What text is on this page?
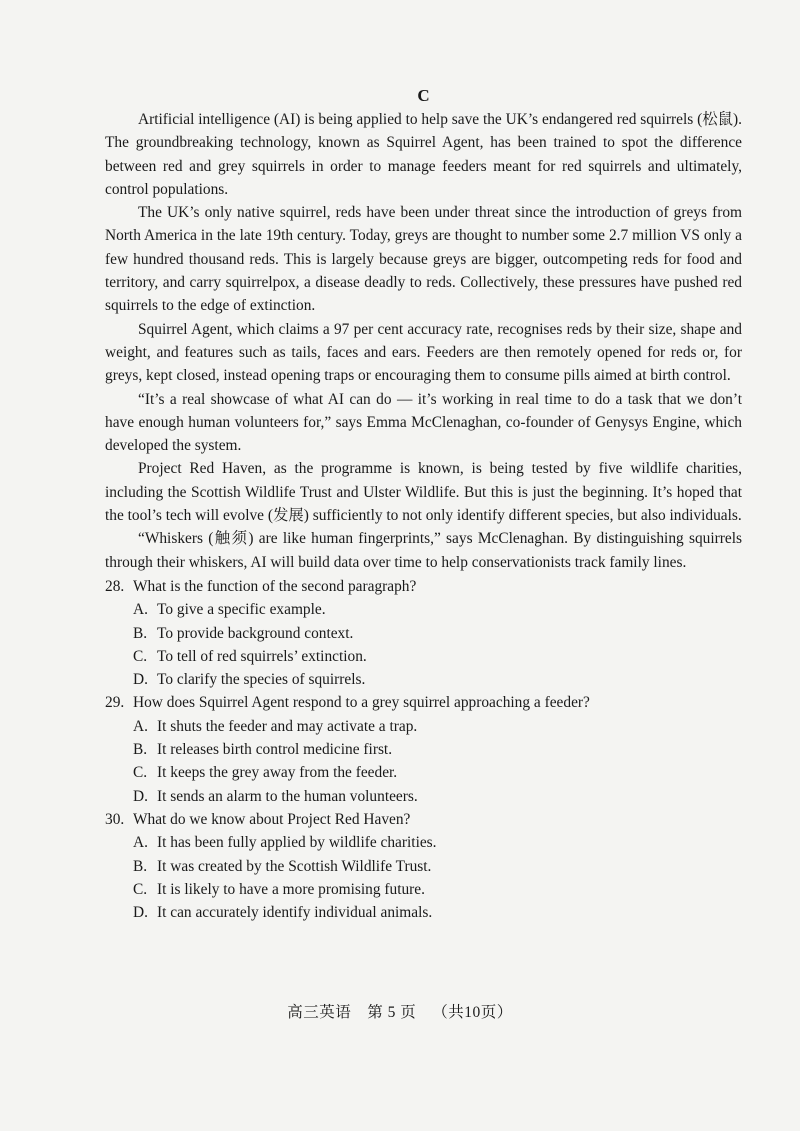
C

Artificial intelligence (AI) is being applied to help save the UK’s endangered red squirrels (松鼠). The groundbreaking technology, known as Squirrel Agent, has been trained to spot the difference between red and grey squirrels in order to manage feeders meant for red squirrels and ultimately, control populations.

The UK’s only native squirrel, reds have been under threat since the introduction of greys from North America in the late 19th century. Today, greys are thought to number some 2.7 million VS only a few hundred thousand reds. This is largely because greys are bigger, outcompeting reds for food and territory, and carry squirrelpox, a disease deadly to reds. Collectively, these pressures have pushed red squirrels to the edge of extinction.

Squirrel Agent, which claims a 97 per cent accuracy rate, recognises reds by their size, shape and weight, and features such as tails, faces and ears. Feeders are then remotely opened for reds or, for greys, kept closed, instead opening traps or encouraging them to consume pills aimed at birth control.

“It’s a real showcase of what AI can do — it’s working in real time to do a task that we don’t have enough human volunteers for,” says Emma McClenaghan, co-founder of Genysys Engine, which developed the system.

Project Red Haven, as the programme is known, is being tested by five wildlife charities, including the Scottish Wildlife Trust and Ulster Wildlife. But this is just the beginning. It’s hoped that the tool’s tech will evolve (发展) sufficiently to not only identify different species, but also individuals.

“Whiskers (触须) are like human fingerprints,” says McClenaghan. By distinguishing squirrels through their whiskers, AI will build data over time to help conservationists track family lines.

28. What is the function of the second paragraph?
A. To give a specific example.
B. To provide background context.
C. To tell of red squirrels’ extinction.
D. To clarify the species of squirrels.
29. How does Squirrel Agent respond to a grey squirrel approaching a feeder?
A. It shuts the feeder and may activate a trap.
B. It releases birth control medicine first.
C. It keeps the grey away from the feeder.
D. It sends an alarm to the human volunteers.
30. What do we know about Project Red Haven?
A. It has been fully applied by wildlife charities.
B. It was created by the Scottish Wildlife Trust.
C. It is likely to have a more promising future.
D. It can accurately identify individual animals.
高三英语 第 5 页 （共10页）
